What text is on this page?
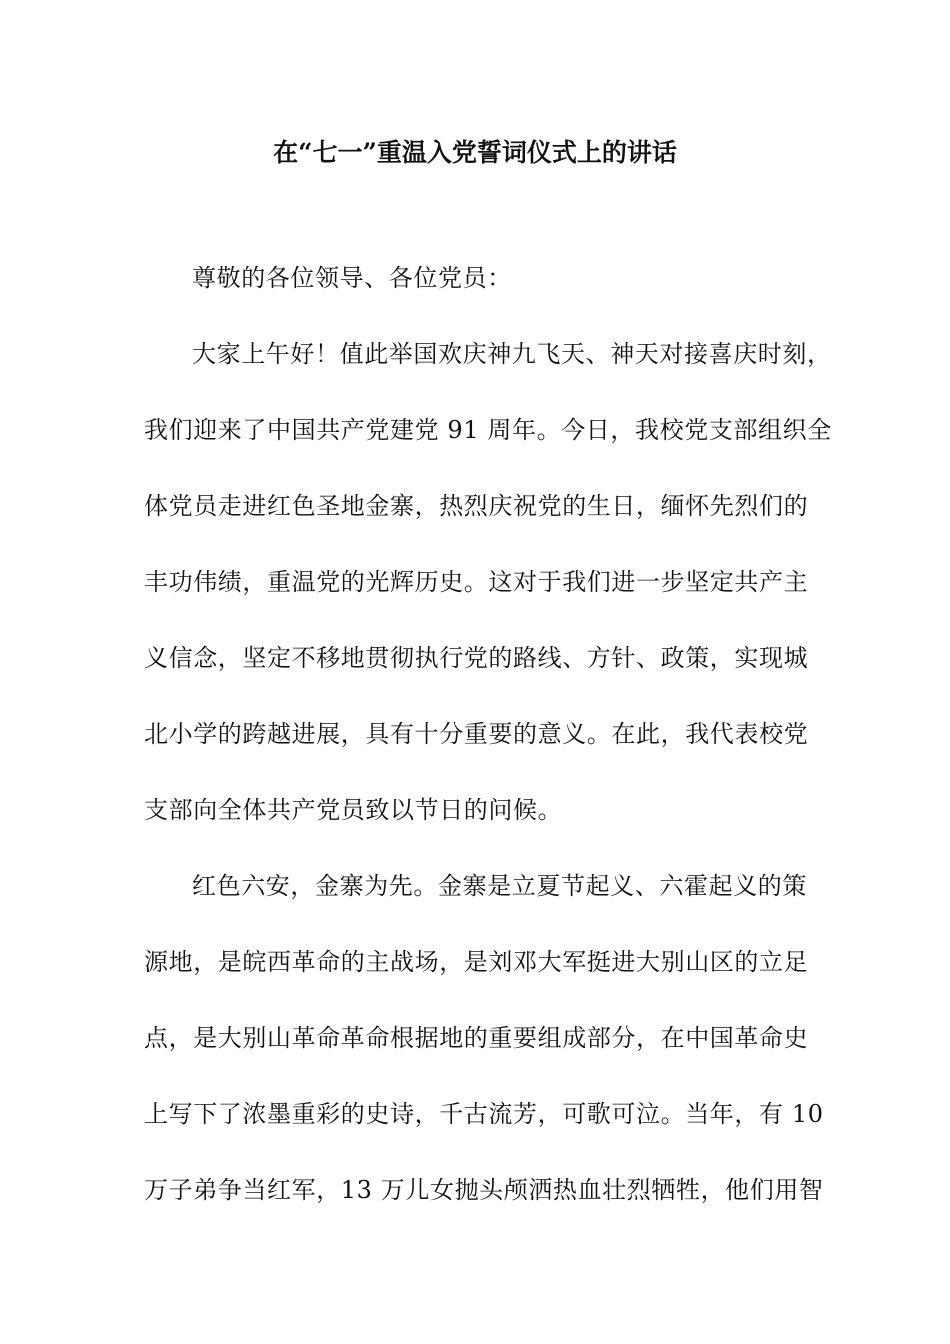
在“七一”重温入党誓词仪式上的讲话
尊敬的各位领导、各位党员：
大家上午好！值此举国欢庆神九飞天、神天对接喜庆时刻，
我们迎来了中国共产党建党 91 周年。今日，我校党支部组织全
体党员走进红色圣地金寨，热烈庆祝党的生日，缅怀先烈们的
丰功伟绩，重温党的光辉历史。这对于我们进一步坚定共产主
义信念，坚定不移地贯彻执行党的路线、方针、政策，实现城
北小学的跨越进展，具有十分重要的意义。在此，我代表校党
支部向全体共产党员致以节日的问候。
红色六安，金寨为先。金寨是立夏节起义、六霍起义的策
源地，是皖西革命的主战场，是刘邓大军挺进大别山区的立足
点，是大别山革命革命根据地的重要组成部分，在中国革命史
上写下了浓墨重彩的史诗，千古流芳，可歌可泣。当年，有 10
万子弟争当红军，13 万儿女抛头颅洒热血壮烈牺牲，他们用智
